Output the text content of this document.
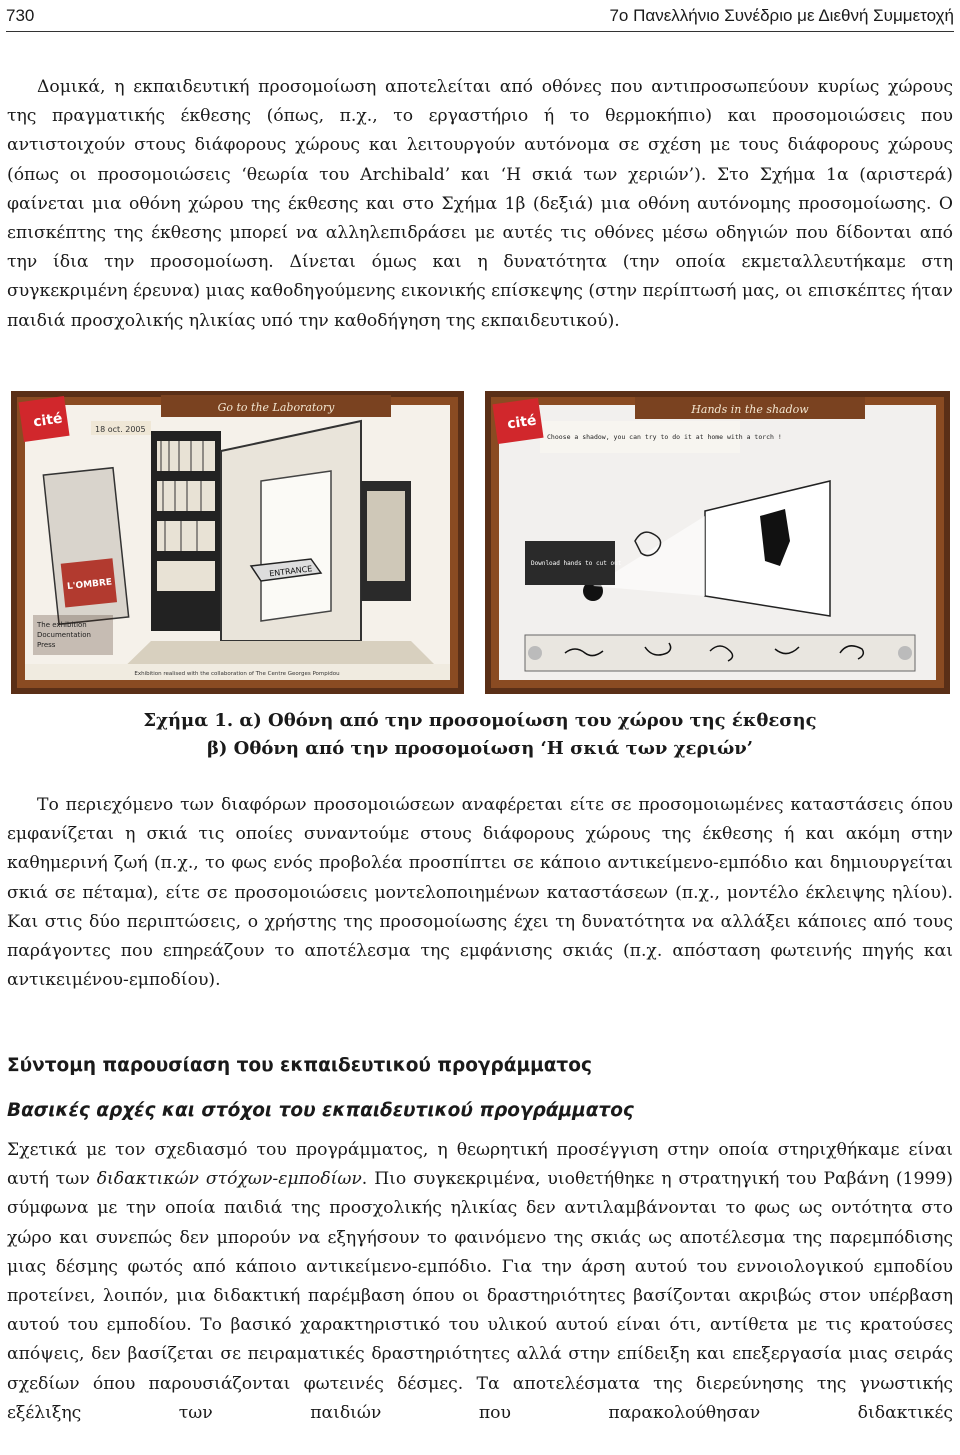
730	7ο Πανελλήνιο Συνέδριο με Διεθνή Συμμετοχή

Δομικά, η εκπαιδευτική προσομοίωση αποτελείται από οθόνες που αντιπροσωπεύουν κυρίως χώρους της πραγματικής έκθεσης (όπως, π.χ., το εργαστήριο ή το θερμοκήπιο) και προσομοιώσεις που αντιστοιχούν στους διάφορους χώρους και λειτουργούν αυτόνομα σε σχέση με τους διάφορους χώρους (όπως οι προσομοιώσεις ‘θεωρία του Archibald’ και ‘Η σκιά των χεριών’). Στο Σχήμα 1α (αριστερά) φαίνεται μια οθόνη χώρου της έκθεσης και στο Σχήμα 1β (δεξιά) μια οθόνη αυτόνομης προσομοίωσης. Ο επισκέπτης της έκθεσης μπορεί να αλληλεπιδράσει με αυτές τις οθόνες μέσω οδηγιών που δίδονται από την ίδια την προσομοίωση. Δίνεται όμως και η δυνατότητα (την οποία εκμεταλλευτήκαμε στη συγκεκριμένη έρευνα) μιας καθοδηγούμενης εικονικής επίσκεψης (στην περίπτωσή μας, οι επισκέπτες ήταν παιδιά προσχολικής ηλικίας υπό την καθοδήγηση της εκπαιδευτικού).

cité
Go to the Laboratory
18 oct. 2005
L'OMBRE
ENTRANCE
The exhibition
Documentation
Press
Exhibition realised with the collaboration of The Centre Georges Pompidou
cité
Hands in the shadow
Choose a shadow, you can try to do it at home with a torch !
Download hands to cut out
Σχήμα 1. α) Οθόνη από την προσομοίωση του χώρου της έκθεσης
β) Οθόνη από την προσομοίωση ‘Η σκιά των χεριών’

Το περιεχόμενο των διαφόρων προσομοιώσεων αναφέρεται είτε σε προσομοιωμένες καταστάσεις όπου εμφανίζεται η σκιά τις οποίες συναντούμε στους διάφορους χώρους της έκθεσης ή και ακόμη στην καθημερινή ζωή (π.χ., το φως ενός προβολέα προσπίπτει σε κάποιο αντικείμενο-εμπόδιο και δημιουργείται σκιά σε πέταμα), είτε σε προσομοιώσεις μοντελοποιημένων καταστάσεων (π.χ., μοντέλο έκλειψης ηλίου). Και στις δύο περιπτώσεις, ο χρήστης της προσομοίωσης έχει τη δυνατότητα να αλλάξει κάποιες από τους παράγοντες που επηρεάζουν το αποτέλεσμα της εμφάνισης σκιάς (π.χ. απόσταση φωτεινής πηγής και αντικειμένου-εμποδίου).

Σύντομη παρουσίαση του εκπαιδευτικού προγράμματος
Βασικές αρχές και στόχοι του εκπαιδευτικού προγράμματος

Σχετικά με τον σχεδιασμό του προγράμματος, η θεωρητική προσέγγιση στην οποία στηριχθήκαμε είναι αυτή των διδακτικών στόχων-εμποδίων. Πιο συγκεκριμένα, υιοθετήθηκε η στρατηγική του Ραβάνη (1999) σύμφωνα με την οποία παιδιά της προσχολικής ηλικίας δεν αντιλαμβάνονται το φως ως οντότητα στο χώρο και συνεπώς δεν μπορούν να εξηγήσουν το φαινόμενο της σκιάς ως αποτέλεσμα της παρεμπόδισης μιας δέσμης φωτός από κάποιο αντικείμενο-εμπόδιο. Για την άρση αυτού του εννοιολογικού εμποδίου προτείνει, λοιπόν, μια διδακτική παρέμβαση όπου οι δραστηριότητες βασίζονται ακριβώς στον υπέρβαση αυτού του εμποδίου. Το βασικό χαρακτηριστικό του υλικού αυτού είναι ότι, αντίθετα με τις κρατούσες απόψεις, δεν βασίζεται σε πειραματικές δραστηριότητες αλλά στην επίδειξη και επεξεργασία μιας σειράς σχεδίων όπου παρουσιάζονται φωτεινές δέσμες. Τα αποτελέσματα της διερεύνησης της γνωστικής εξέλιξης των παιδιών που παρακολούθησαν διδακτικές
